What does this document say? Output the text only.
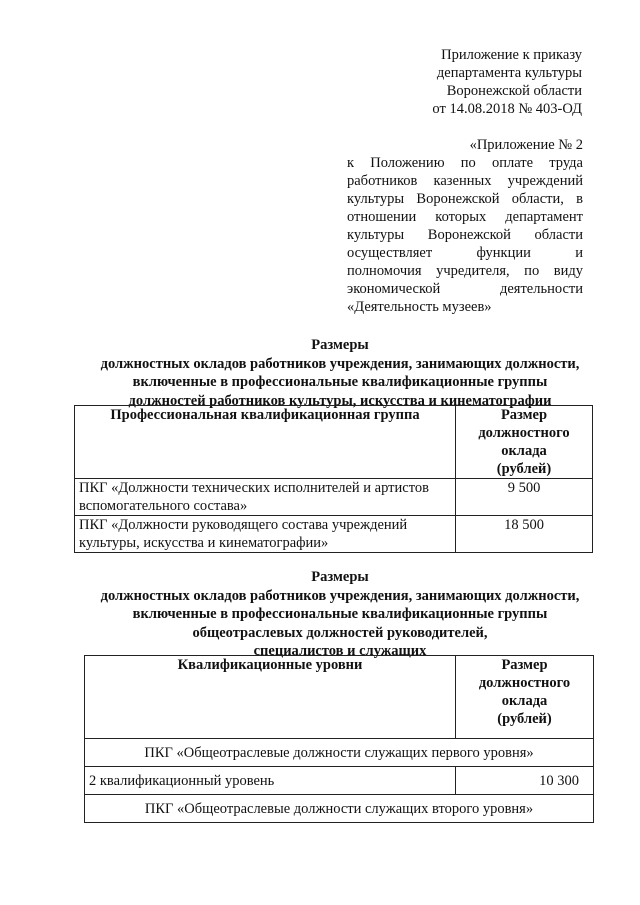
Приложение к приказу
департамента культуры
Воронежской области
от 14.08.2018 № 403-ОД
«Приложение № 2
к Положению по оплате труда
работников казенных учреждений
культуры Воронежской области, в
отношении которых департамент
культуры Воронежской области
осуществляет функции и
полномочия учредителя, по виду
экономической деятельности
«Деятельность музеев»
Размеры
должностных окладов работников учреждения, занимающих должности,
включенные в профессиональные квалификационные группы
должностей работников культуры, искусства и кинематографии
Профессиональная квалификационная группа	Размер
должностного
оклада
(рублей)

ПКГ «Должности технических исполнителей и артистов
вспомогательного состава»	9 500

ПКГ «Должности руководящего состава учреждений
культуры, искусства и кинематографии»	18 500
Размеры
должностных окладов работников учреждения, занимающих должности,
включенные в профессиональные квалификационные группы
общеотраслевых должностей руководителей,
специалистов и служащих
Квалификационные уровни	Размер
должностного
оклада
(рублей)

ПКГ «Общеотраслевые должности служащих первого уровня»	
2 квалификационный уровень	10 300
ПКГ «Общеотраслевые должности служащих второго уровня»	
